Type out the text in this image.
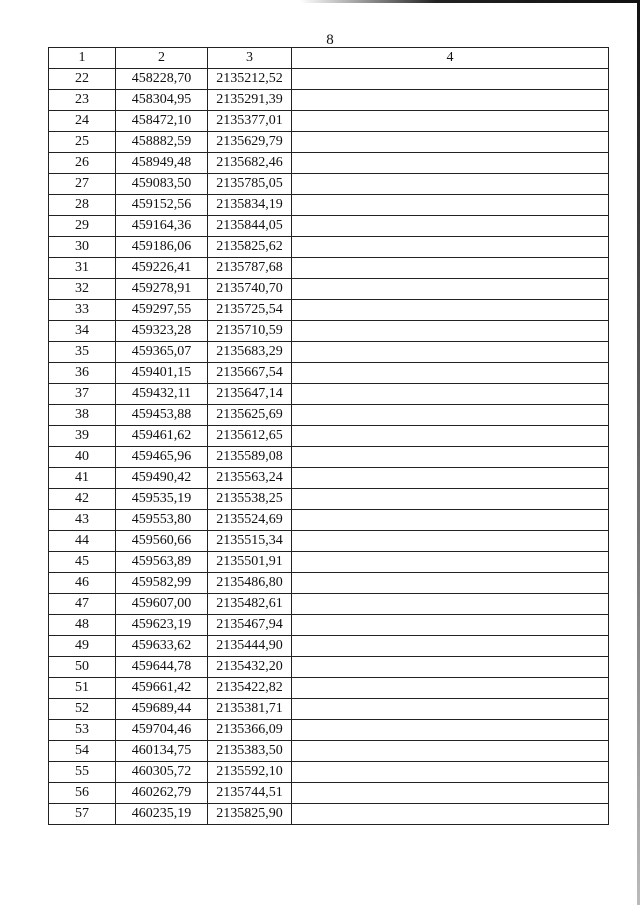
8
1	2	3	4
22	458228,70	2135212,52	
23	458304,95	2135291,39	
24	458472,10	2135377,01	
25	458882,59	2135629,79	
26	458949,48	2135682,46	
27	459083,50	2135785,05	
28	459152,56	2135834,19	
29	459164,36	2135844,05	
30	459186,06	2135825,62	
31	459226,41	2135787,68	
32	459278,91	2135740,70	
33	459297,55	2135725,54	
34	459323,28	2135710,59	
35	459365,07	2135683,29	
36	459401,15	2135667,54	
37	459432,11	2135647,14	
38	459453,88	2135625,69	
39	459461,62	2135612,65	
40	459465,96	2135589,08	
41	459490,42	2135563,24	
42	459535,19	2135538,25	
43	459553,80	2135524,69	
44	459560,66	2135515,34	
45	459563,89	2135501,91	
46	459582,99	2135486,80	
47	459607,00	2135482,61	
48	459623,19	2135467,94	
49	459633,62	2135444,90	
50	459644,78	2135432,20	
51	459661,42	2135422,82	
52	459689,44	2135381,71	
53	459704,46	2135366,09	
54	460134,75	2135383,50	
55	460305,72	2135592,10	
56	460262,79	2135744,51	
57	460235,19	2135825,90	
